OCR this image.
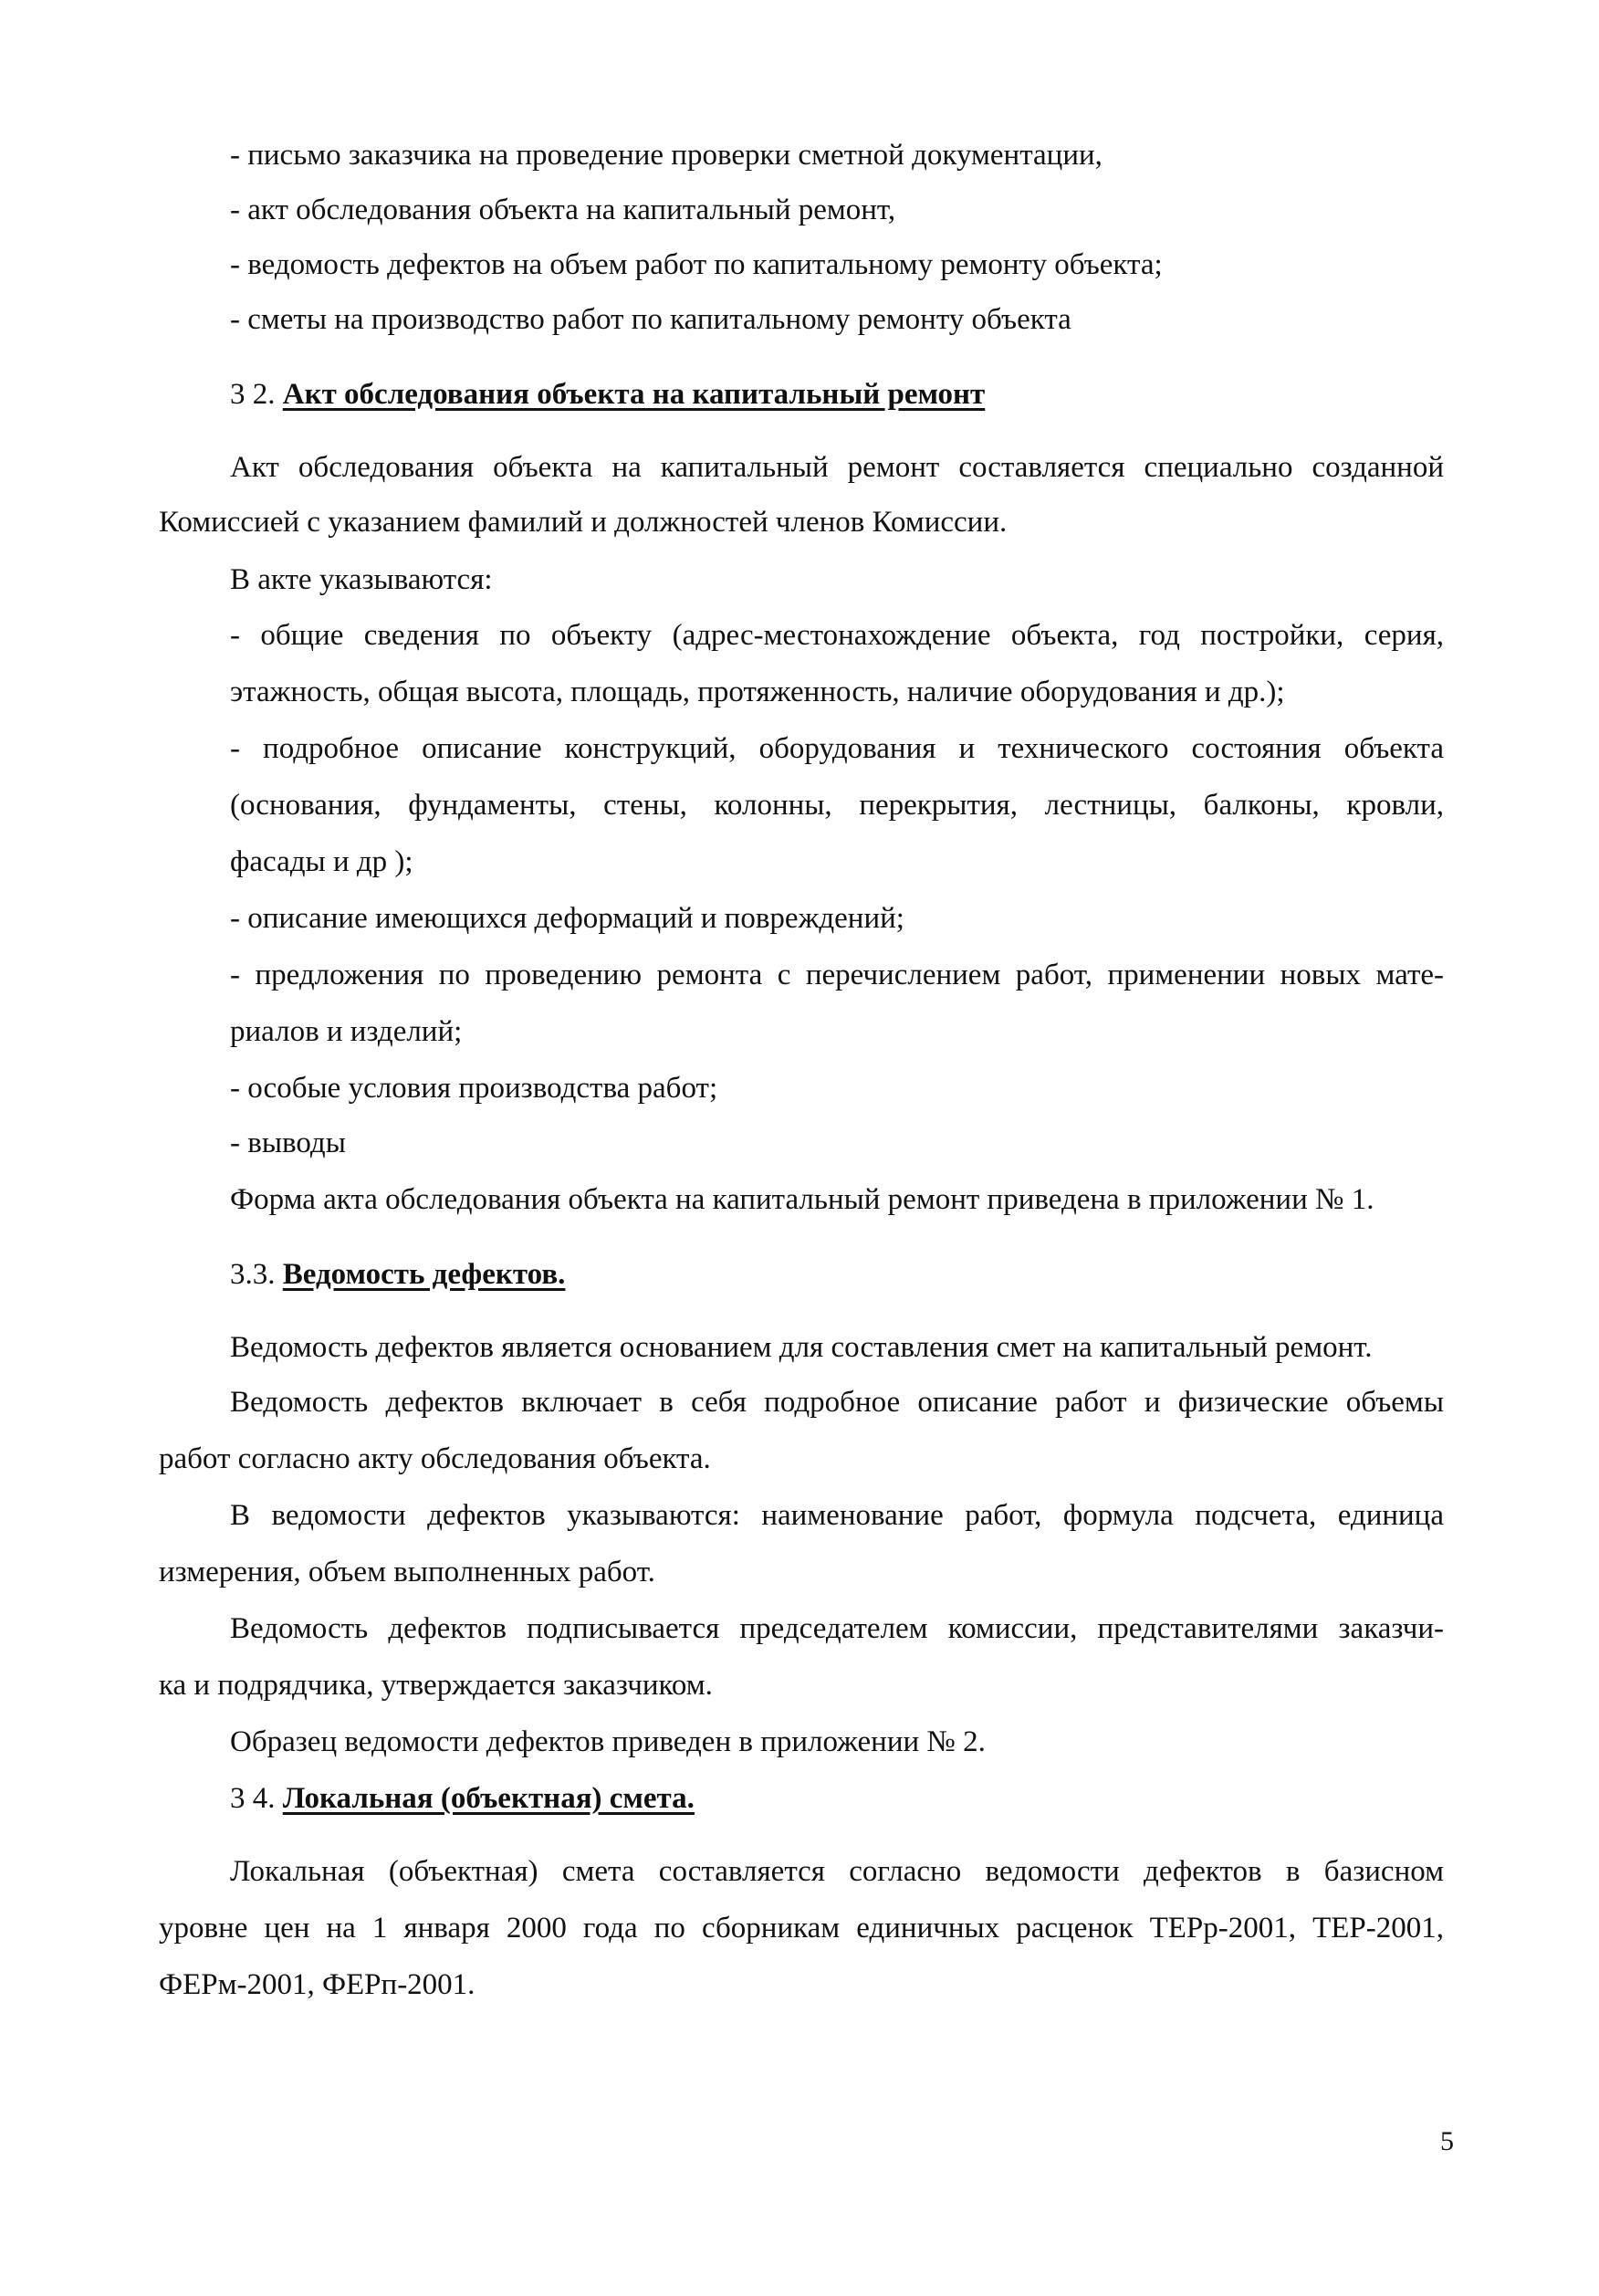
- письмо заказчика на проведение проверки сметной документации,
- акт обследования объекта на капитальный ремонт,
- ведомость дефектов на объем работ по капитальному ремонту объекта;
- сметы на производство работ по капитальному ремонту объекта
3 2. Акт обследования объекта на капитальный ремонт
Акт обследования объекта на капитальный ремонт составляется специально созданной
Комиссией с указанием фамилий и должностей членов Комиссии.
В акте указываются:
- общие сведения по объекту (адрес-местонахождение объекта, год постройки, серия,
этажность, общая высота, площадь, протяженность, наличие оборудования и др.);
- подробное описание конструкций, оборудования и технического состояния объекта
(основания, фундаменты, стены, колонны, перекрытия, лестницы, балконы, кровли,
фасады и др );
- описание имеющихся деформаций и повреждений;
- предложения по проведению ремонта с перечислением работ, применении новых мате-
риалов и изделий;
- особые условия производства работ;
- выводы
Форма акта обследования объекта на капитальный ремонт приведена в приложении № 1.
3.3. Ведомость дефектов.
Ведомость дефектов является основанием для составления смет на капитальный ремонт.
Ведомость дефектов включает в себя подробное описание работ и физические объемы
работ согласно акту обследования объекта.
В ведомости дефектов указываются: наименование работ, формула подсчета, единица
измерения, объем выполненных работ.
Ведомость дефектов подписывается председателем комиссии, представителями заказчи-
ка и подрядчика, утверждается заказчиком.
Образец ведомости дефектов приведен в приложении № 2.
3 4. Локальная (объектная) смета.
Локальная (объектная) смета составляется согласно ведомости дефектов в базисном
уровне цен на 1 января 2000 года по сборникам единичных расценок ТЕРр-2001, ТЕР-2001,
ФЕРм-2001, ФЕРп-2001.
5
